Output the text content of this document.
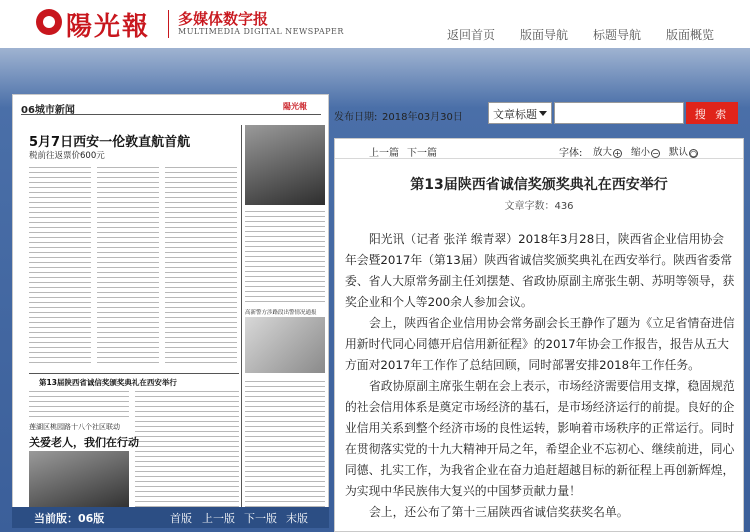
陽光報 多媒体数字报
MULTIMEDIA DIGITAL NEWSPAPER	返回首页 版面导航 标题导航 版面概览
06城市新闻	陽光報
5月7日西安一伦敦直航首航
税前往返票价600元
高新警方涉路段出警情况通报
第13届陕西省诚信奖颁奖典礼在西安举行
莲湖区桃园路十八个社区联动
关爱老人，我们在行动
当前版：06版	首版 上一版 下一版 末版
发布日期: 2018年03月30日	文章标题	搜 索
上一篇 下一篇	字体: 放大 + 缩小 − 默认 ○
第13届陕西省诚信奖颁奖典礼在西安举行
文章字数：436

阳光讯（记者 张洋 缑青翠）2018年3月28日，陕西省企业信用协会年会暨2017年（第13届）陕西省诚信奖颁奖典礼在西安举行。陕西省委常委、省人大原常务副主任刘摆楚、省政协原副主席张生朝、苏明等领导，获奖企业和个人等200余人参加会议。

会上，陕西省企业信用协会常务副会长王静作了题为《立足省情奋进信用新时代同心同德开启信用新征程》的2017年协会工作报告，报告从五大方面对2017年工作作了总结回顾，同时部署安排2018年工作任务。

省政协原副主席张生朝在会上表示，市场经济需要信用支撑，稳固规范的社会信用体系是奠定市场经济的基石，是市场经济运行的前提。良好的企业信用关系到整个经济市场的良性运转，影响着市场秩序的正常运行。同时在贯彻落实党的十九大精神开局之年，希望企业不忘初心、继续前进，同心同德、扎实工作，为我省企业在奋力追赶超越目标的新征程上再创新辉煌，为实现中华民族伟大复兴的中国梦贡献力量！

会上，还公布了第十三届陕西省诚信奖获奖名单。
